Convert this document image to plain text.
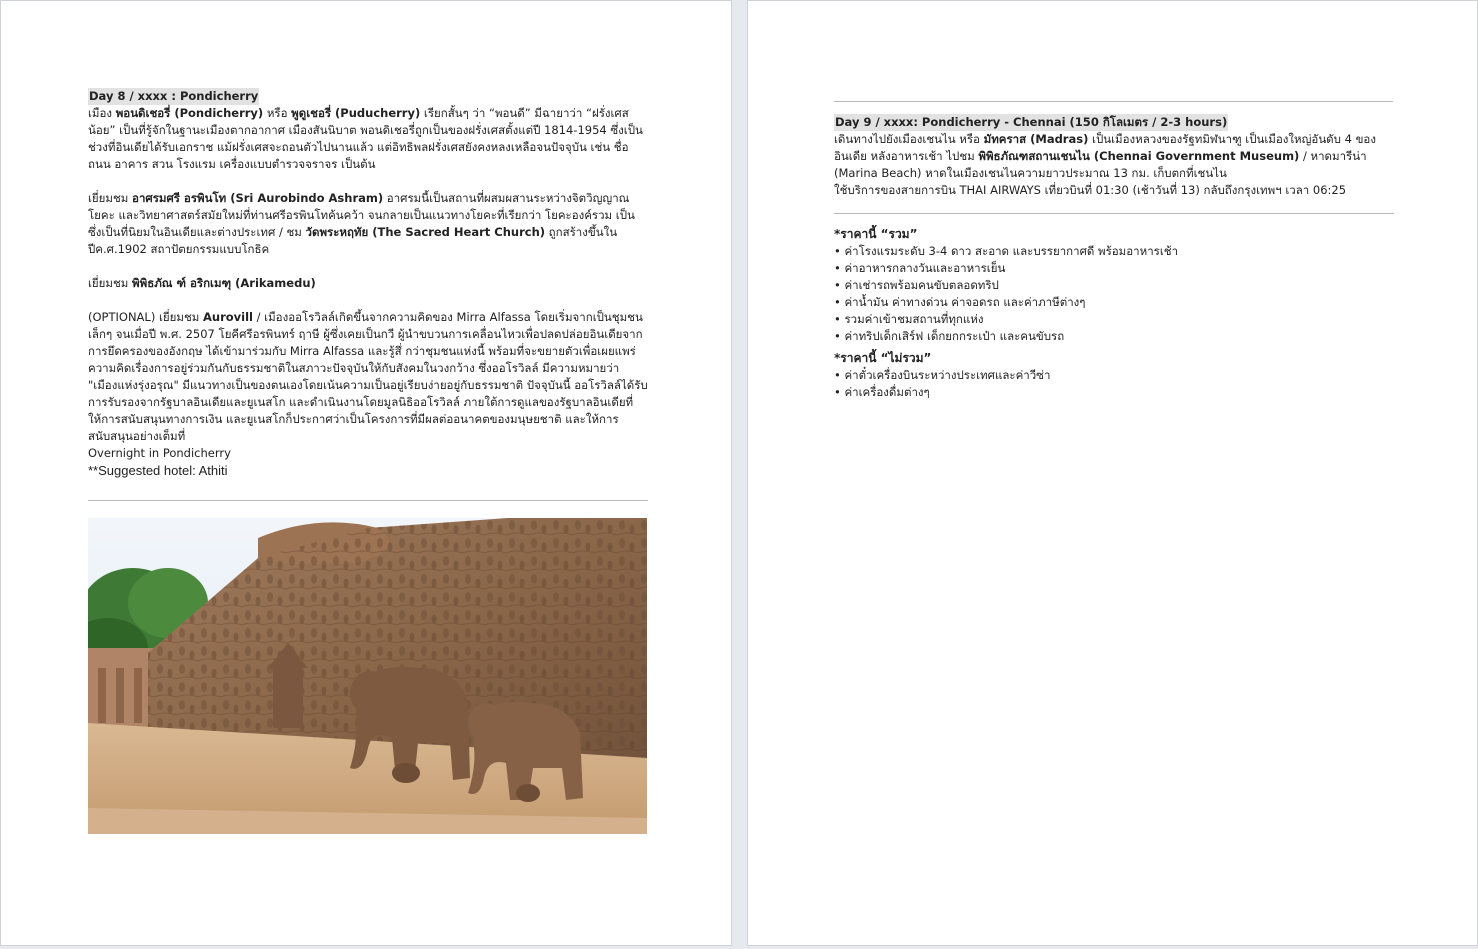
Day 8 / xxxx : Pondicherry

เมือง พอนดิเชอรี่ (Pondicherry) หรือ พูดูเชอรี่ (Puducherry) เรียกสั้นๆ ว่า “พอนดี” มีฉายาว่า “ฝรั่งเศสน้อย” เป็นที่รู้จักในฐานะเมืองตากอากาศ เมืองสันนิบาต พอนดิเชอรี่ถูกเป็นของฝรั่งเศสตั้งแต่ปี 1814-1954 ซึ่งเป็นช่วงที่อินเดียได้รับเอกราช แม้ฝรั่งเศสจะถอนตัวไปนานแล้ว แต่อิทธิพลฝรั่งเศสยังคงหลงเหลือจนปัจจุบัน เช่น ชื่อถนน อาคาร สวน โรงแรม เครื่องแบบตำรวจจราจร เป็นต้น

เยี่ยมชม อาศรมศรี อรพินโท (Sri Aurobindo Ashram) อาศรมนี้เป็นสถานที่ผสมผสานระหว่างจิตวิญญาณ โยคะ และวิทยาศาสตร์สมัยใหม่ที่ท่านศรีอรพินโทค้นคว้า จนกลายเป็นแนวทางโยคะที่เรียกว่า โยคะองค์รวม เป็นซึ่งเป็นที่นิยมในอินเดียและต่างประเทศ / ชม วัดพระหฤทัย (The Sacred Heart Church) ถูกสร้างขึ้นในปีค.ศ.1902 สถาปัตยกรรมแบบโกธิค

เยี่ยมชม พิพิธภัณ ฑ์ อริกเมฑุ (Arikamedu)

(OPTIONAL) เยี่ยมชม Aurovill / เมืองออโรวิลล์เกิดขึ้นจากความคิดของ Mirra Alfassa โดยเริ่มจากเป็นชุมชนเล็กๆ จนเมื่อปี พ.ศ. 2507 โยคีศรีอรพินทร์ ฤาษี ผู้ซึ่งเคยเป็นกวี ผู้นำขบวนการเคลื่อนไหวเพื่อปลดปล่อยอินเดียจากการยึดครองของอังกฤษ ได้เข้ามาร่วมกับ Mirra Alfassa และรู้สึ่ กว่าชุมชนแห่งนี้ พร้อมที่จะขยายตัวเพื่อเผยแพร่ความคิดเรื่องการอยู่ร่วมกันกับธรรมชาติในสภาวะปัจจุบันให้กับสังคมในวงกว้าง ซึ่งออโรวิลล์ มีความหมายว่า "เมืองแห่งรุ่งอรุณ" มีแนวทางเป็นของตนเองโดยเน้นความเป็นอยู่เรียบง่ายอยู่กับธรรมชาติ ปัจจุบันนี้ ออโรวิลล์ได้รับการรับรองจากรัฐบาลอินเดียและยูเนสโก และดำเนินงานโดยมูลนิธิออโรวิลล์ ภายใต้การดูแลของรัฐบาลอินเดียที่ให้การสนับสนุนทางการเงิน และยูเนสโกก็ประกาศว่าเป็นโครงการที่มีผลต่ออนาคตของมนุษยชาติ และให้การสนับสนุนอย่างเต็มที่

Overnight in Pondicherry
**Suggested hotel: Athiti
Day 9 / xxxx: Pondicherry - Chennai (150 กิโลเมตร / 2-3 hours)

เดินทางไปยังเมืองเชนไน หรือ มัทคราส (Madras) เป็นเมืองหลวงของรัฐทมิฬนาฑู เป็นเมืองใหญ่อันดับ 4 ของอินเดีย หลังอาหารเช้า ไปชม พิพิธภัณฑสถานเชนไน (Chennai Government Museum) / หาดมารีน่า (Marina Beach) หาดในเมืองเชนไนความยาวประมาณ 13 กม. เก็บตกที่เชนไน

ใช้บริการของสายการบิน THAI AIRWAYS เที่ยวบินที่ 01:30 (เช้าวันที่ 13) กลับถึงกรุงเทพฯ เวลา 06:25

*ราคานี้ “รวม”
• ค่าโรงแรมระดับ 3-4 ดาว สะอาด และบรรยากาศดี พร้อมอาหารเช้า
• ค่าอาหารกลางวันและอาหารเย็น
• ค่าเช่ารถพร้อมคนขับตลอดทริป
• ค่าน้ำมัน ค่าทางด่วน ค่าจอดรถ และค่าภาษีต่างๆ
• รวมค่าเข้าชมสถานที่ทุกแห่ง
• ค่าทริปเด็กเสิร์ฟ เด็กยกกระเป๋า และคนขับรถ
*ราคานี้ “ไม่รวม”
• ค่าตั๋วเครื่องบินระหว่างประเทศและค่าวีซ่า
• ค่าเครื่องดื่มต่างๆ
